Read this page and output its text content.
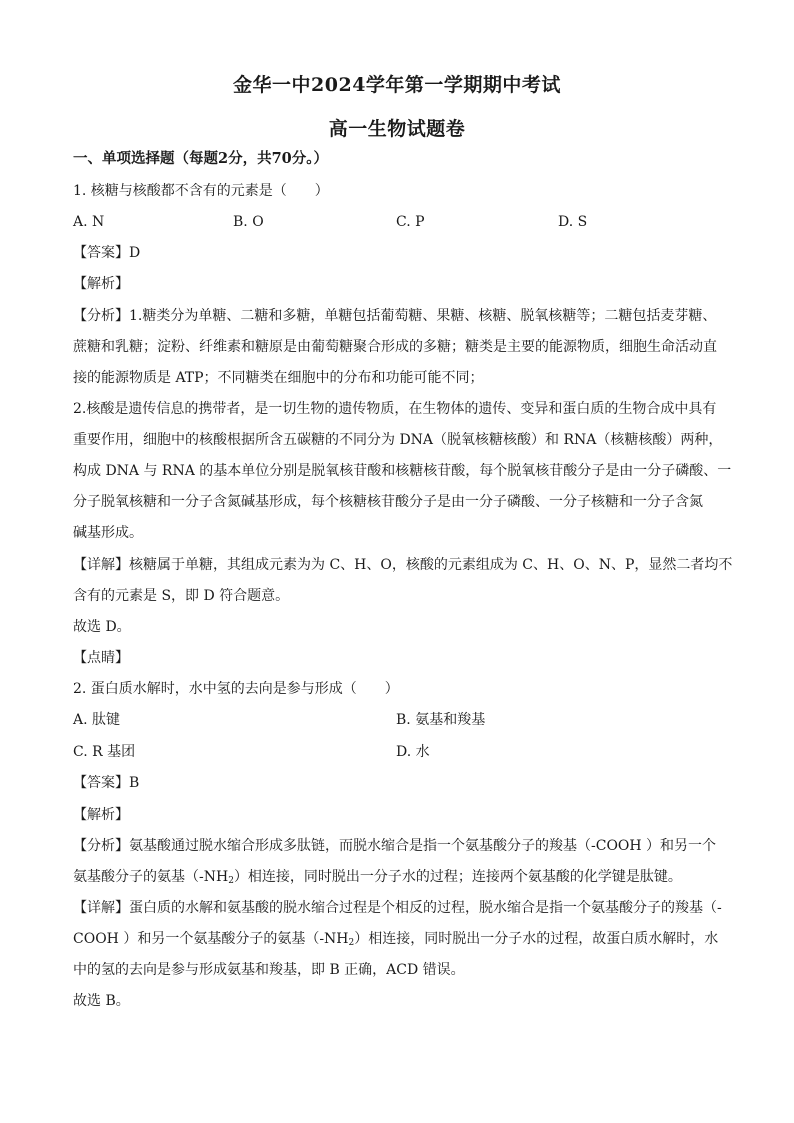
金华一中2024学年第一学期期中考试
高一生物试题卷
一、单项选择题（每题2分，共70分。）
1. 核糖与核酸都不含有的元素是（　　）
A. N	B. O	C. P	D. S
【答案】D
【解析】
【分析】1.糖类分为单糖、二糖和多糖，单糖包括葡萄糖、果糖、核糖、脱氧核糖等；二糖包括麦芽糖、
蔗糖和乳糖；淀粉、纤维素和糖原是由葡萄糖聚合形成的多糖；糖类是主要的能源物质，细胞生命活动直
接的能源物质是 ATP；不同糖类在细胞中的分布和功能可能不同；
2.核酸是遗传信息的携带者，是一切生物的遗传物质，在生物体的遗传、变异和蛋白质的生物合成中具有
重要作用，细胞中的核酸根据所含五碳糖的不同分为 DNA（脱氧核糖核酸）和 RNA（核糖核酸）两种，
构成 DNA 与 RNA 的基本单位分别是脱氧核苷酸和核糖核苷酸，每个脱氧核苷酸分子是由一分子磷酸、一
分子脱氧核糖和一分子含氮碱基形成，每个核糖核苷酸分子是由一分子磷酸、一分子核糖和一分子含氮
碱基形成。
【详解】核糖属于单糖，其组成元素为为 C、H、O，核酸的元素组成为 C、H、O、N、P，显然二者均不
含有的元素是 S，即 D 符合题意。
故选 D。
【点睛】
2. 蛋白质水解时，水中氢的去向是参与形成（　　）
A. 肽键	B. 氨基和羧基
C. R 基团	D. 水
【答案】B
【解析】
【分析】氨基酸通过脱水缩合形成多肽链，而脱水缩合是指一个氨基酸分子的羧基（-COOH ）和另一个
氨基酸分子的氨基$(-NH_2)$相连接，同时脱出一分子水的过程；连接两个氨基酸的化学键是肽键。
【详解】蛋白质的水解和氨基酸的脱水缩合过程是个相反的过程，脱水缩合是指一个氨基酸分子的羧基（-
COOH ）和另一个氨基酸分子的氨基$(-NH_2)$相连接，同时脱出一分子水的过程，故蛋白质水解时，水
中的氢的去向是参与形成氨基和羧基，即 B 正确，ACD 错误。
故选 B。
